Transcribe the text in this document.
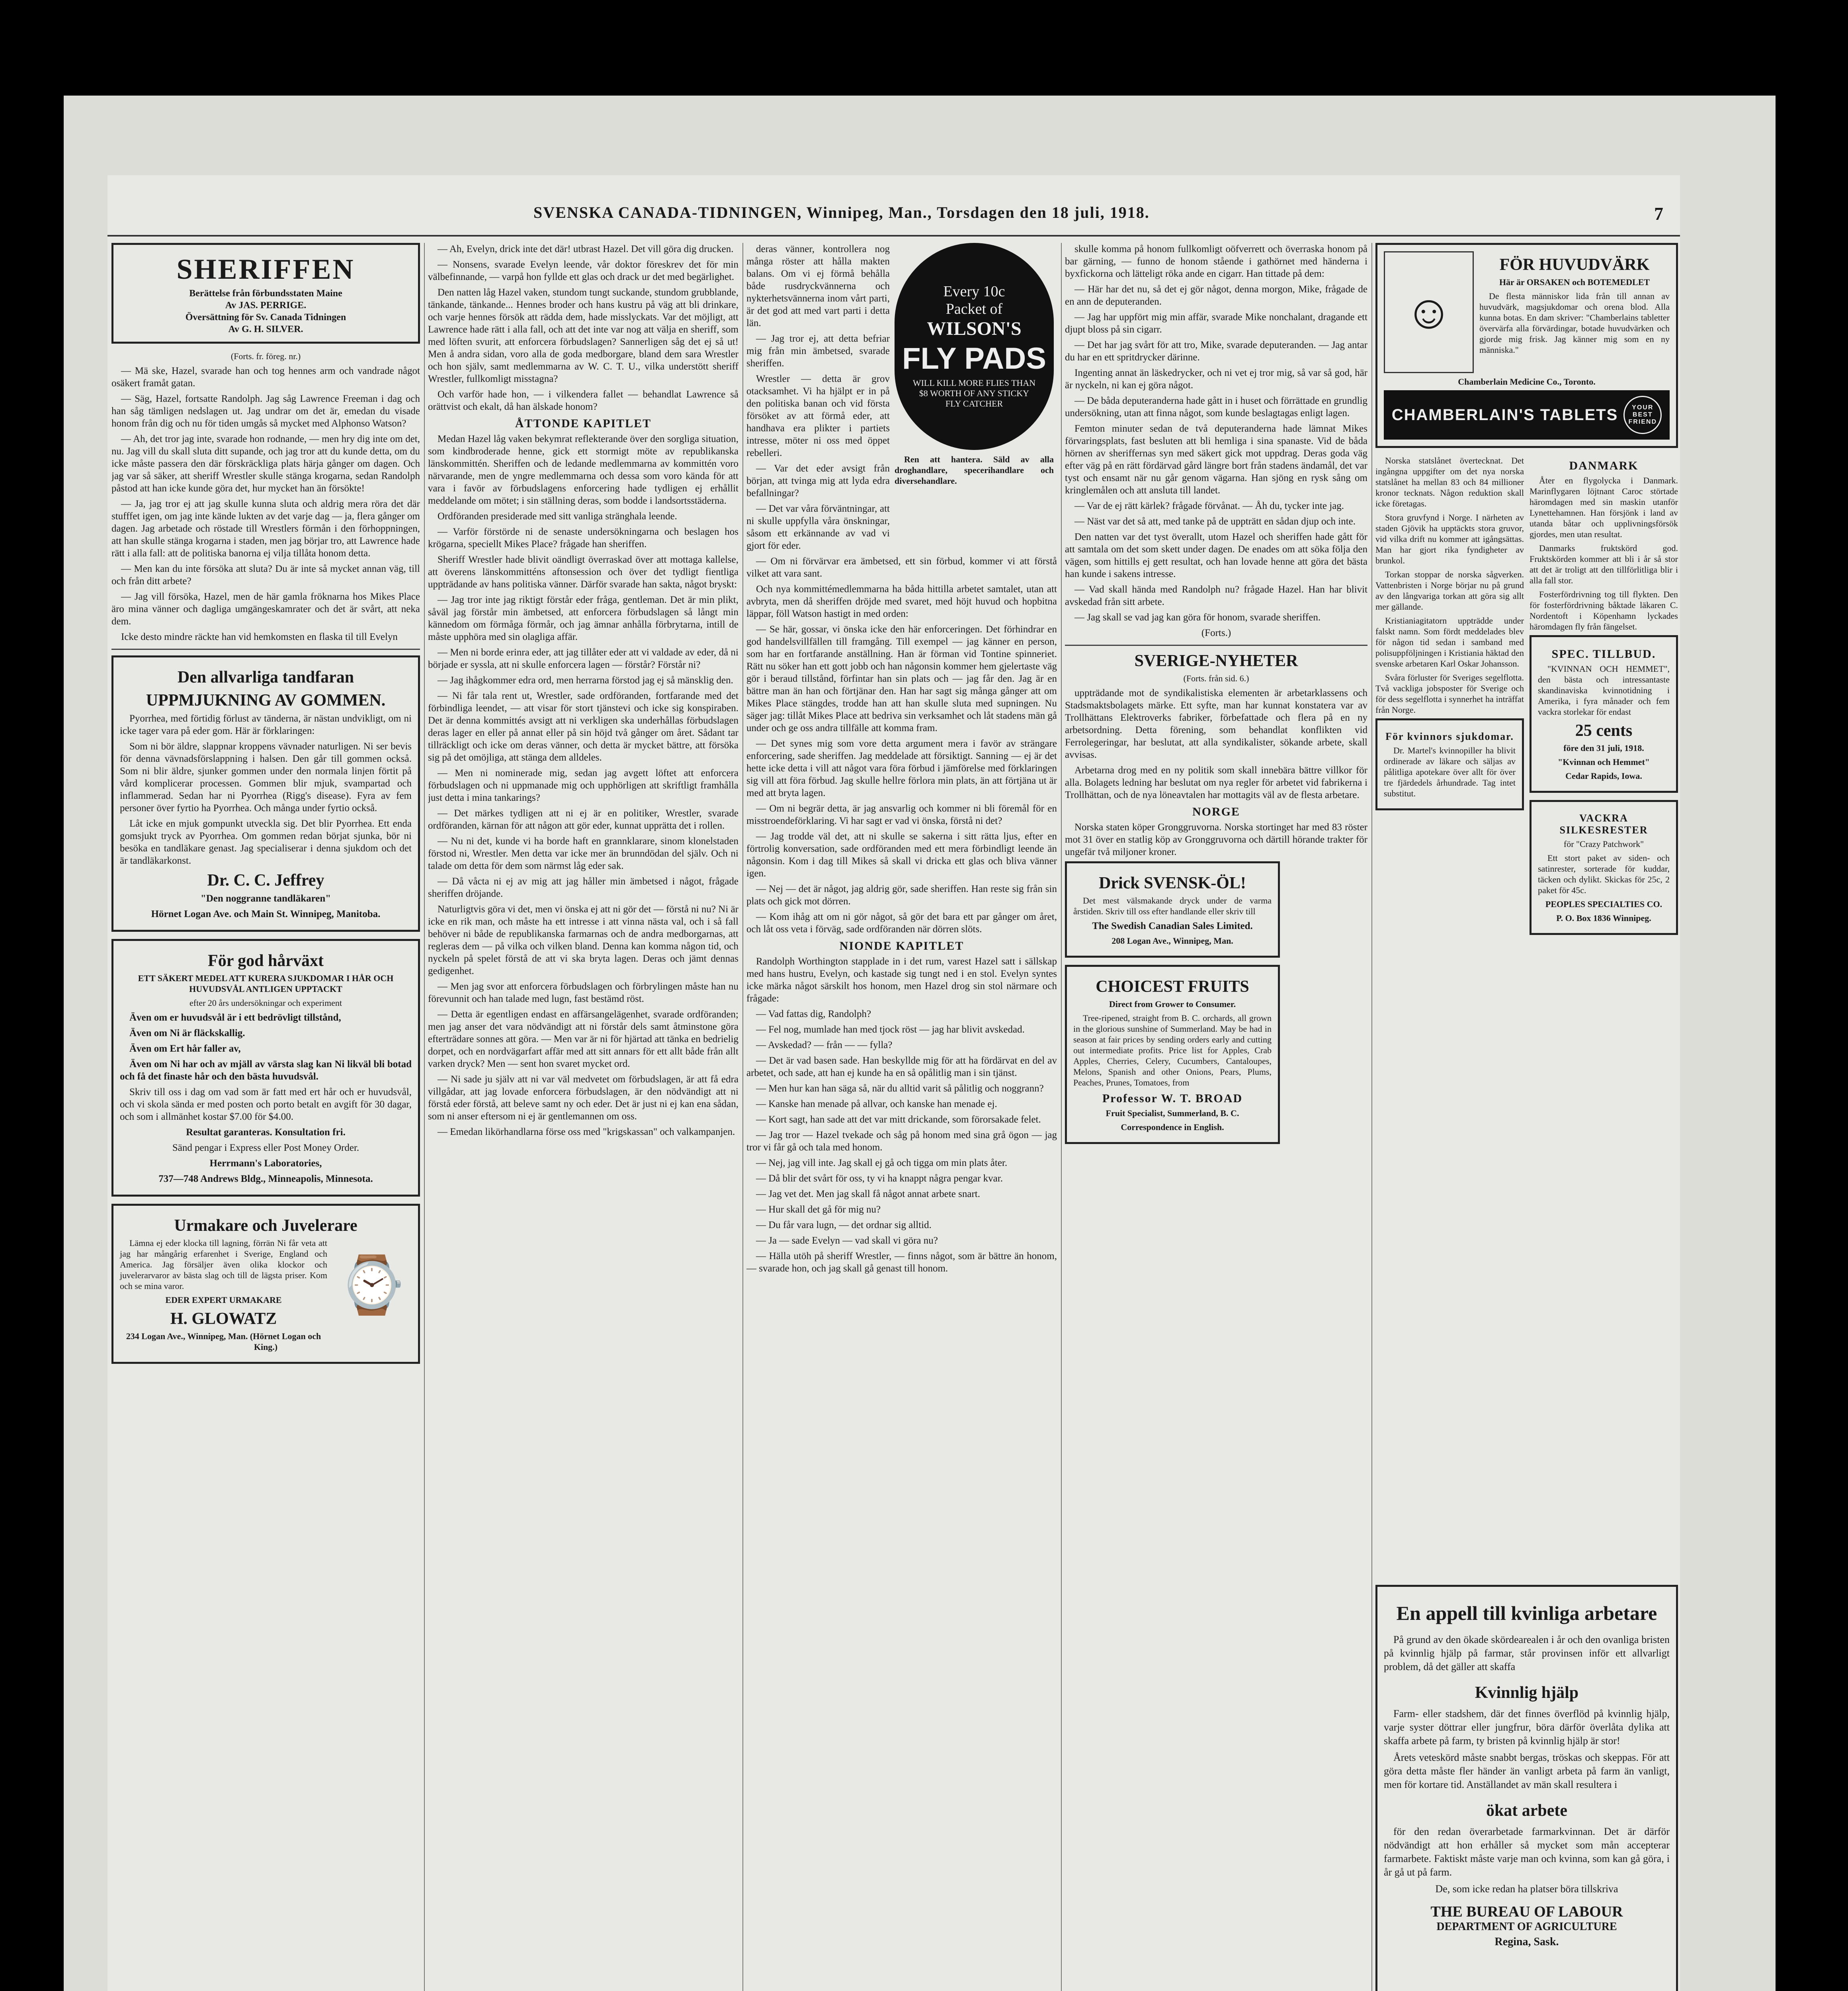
SVENSKA CANADA-TIDNINGEN, Winnipeg, Man., Torsdagen den 18 juli, 1918.	7
SHERIFFEN
Berättelse från förbundsstaten Maine
Av JAS. PERRIGE.
Översättning för Sv. Canada Tidningen
Av G. H. SILVER.

(Forts. fr. föreg. nr.)

— Mä ske, Hazel, svarade han och tog hennes arm och vandrade något osäkert framåt gatan.

— Säg, Hazel, fortsatte Randolph. Jag såg Lawrence Freeman i dag och han såg tämligen nedslagen ut. Jag undrar om det är, emedan du visade honom från dig och nu för tiden umgås så mycket med Alphonso Watson?

— Ah, det tror jag inte, svarade hon rodnande, — men hry dig inte om det, nu. Jag vill du skall sluta ditt supande, och jag tror att du kunde detta, om du icke måste passera den där förskräckliga plats härja gånger om dagen. Och jag var så säker, att sheriff Wrestler skulle stänga krogarna, sedan Randolph påstod att han icke kunde göra det, hur mycket han än försökte!

— Ja, jag tror ej att jag skulle kunna sluta och aldrig mera röra det där stufffet igen, om jag inte kände lukten av det varje dag — ja, flera gånger om dagen. Jag arbetade och röstade till Wrestlers förmån i den förhoppningen, att han skulle stänga krogarna i staden, men jag börjar tro, att Lawrence hade rätt i alla fall: att de politiska banorna ej vilja tillåta honom detta.

— Men kan du inte försöka att sluta? Du är inte så mycket annan väg, till och från ditt arbete?

— Jag vill försöka, Hazel, men de här gamla fröknarna hos Mikes Place äro mina vänner och dagliga umgängeskamrater och det är svårt, att neka dem.

Icke desto mindre räckte han vid hemkomsten en flaska til till Evelyn

Den allvarliga tandfaran
UPPMJUKNING AV GOMMEN.

Pyorrhea, med förtidig förlust av tänderna, är nästan undvikligt, om ni icke tager vara på eder gom. Här är förklaringen:

Som ni bör äldre, slappnar kroppens vävnader naturligen. Ni ser bevis för denna vävnadsförslappning i halsen. Den går till gommen också. Som ni blir äldre, sjunker gommen under den normala linjen förtit på vård komplicerar processen. Gommen blir mjuk, svampartad och inflammerad. Sedan har ni Pyorrhea (Rigg's disease). Fyra av fem personer över fyrtio ha Pyorrhea. Och många under fyrtio också.

Låt icke en mjuk gompunkt utveckla sig. Det blir Pyorrhea. Ett enda gomsjukt tryck av Pyorrhea. Om gommen redan börjat sjunka, bör ni besöka en tandläkare genast. Jag specialiserar i denna sjukdom och det är tandläkarkonst.

Dr. C. C. Jeffrey

"Den noggranne tandläkaren"

Hörnet Logan Ave. och Main St. Winnipeg, Manitoba.

För god hårväxt

ETT SÄKERT MEDEL ATT KURERA SJUKDOMAR I HÅR OCH HUVUDSVÅL ANTLIGEN UPPTACKT

efter 20 års undersökningar och experiment

Även om er huvudsvål är i ett bedrövligt tillstånd,

Även om Ni är fläckskallig.

Även om Ert hår faller av,

Även om Ni har och av mjäll av värsta slag kan Ni likväl bli botad och få det finaste hår och den bästa huvudsvål.

Skriv till oss i dag om vad som är fatt med ert hår och er huvudsvål, och vi skola sända er med posten och porto betalt en avgift för 30 dagar, och som i allmänhet kostar $7.00 för $4.00.

Resultat garanteras. Konsultation fri.

Sänd pengar i Express eller Post Money Order.

Herrmann's Laboratories,

737—748 Andrews Bldg., Minneapolis, Minnesota.

Urmakare och Juvelerare
⌚

Lämna ej eder klocka till lagning, förrän Ni får veta att jag har mångårig erfarenhet i Sverige, England och America. Jag försäljer även olika klockor och juvelerarvaror av bästa slag och till de lägsta priser. Kom och se mina varor.

EDER EXPERT URMAKARE

H. GLOWATZ

234 Logan Ave., Winnipeg, Man. (Hörnet Logan och King.)

— Ah, Evelyn, drick inte det där! utbrast Hazel. Det vill göra dig drucken.

— Nonsens, svarade Evelyn leende, vår doktor föreskrev det för min välbefinnande, — varpå hon fyllde ett glas och drack ur det med begärlighet.

Den natten låg Hazel vaken, stundom tungt suckande, stundom grubblande, tänkande, tänkande... Hennes broder och hans kustru på väg att bli drinkare, och varje hennes försök att rädda dem, hade misslyckats. Var det möjligt, att Lawrence hade rätt i alla fall, och att det inte var nog att välja en sheriff, som med löften svurit, att enforcera förbudslagen? Sannerligen såg det ej så ut! Men å andra sidan, voro alla de goda medborgare, bland dem sara Wrestler och hon själv, samt medlemmarna av W. C. T. U., vilka understött sheriff Wrestler, fullkomligt misstagna?

Och varför hade hon, — i vilkendera fallet — behandlat Lawrence så orättvist och ekalt, då han älskade honom?

ÅTTONDE KAPITLET

Medan Hazel låg vaken bekymrat reflekterande över den sorgliga situation, som kindbroderade henne, gick ett stormigt möte av republikanska länskommittén. Sheriffen och de ledande medlemmarna av kommittén voro närvarande, men de yngre medlemmarna och dessa som voro kända för att vara i favör av förbudslagens enforcering hade tydligen ej erhållit meddelande om mötet; i sin ställning deras, som bodde i landsortsstäderna.

Ordföranden presiderade med sitt vanliga stränghala leende.

— Varför förstörde ni de senaste undersökningarna och beslagen hos krögarna, speciellt Mikes Place? frågade han sheriffen.

Sheriff Wrestler hade blivit oändligt överraskad över att mottaga kallelse, att överens länskommitténs aftonsession och över det tydligt fientliga uppträdande av hans politiska vänner. Därför svarade han sakta, något bryskt:

— Jag tror inte jag riktigt förstår eder fråga, gentleman. Det är min plikt, såväl jag förstår min ämbetsed, att enforcera förbudslagen så långt min kännedom om förmåga förmår, och jag ämnar anhålla förbrytarna, intill de måste upphöra med sin olagliga affär.

— Men ni borde erinra eder, att jag tillåter eder att vi valdade av eder, då ni började er syssla, att ni skulle enforcera lagen — förstår? Förstår ni?

— Jag ihågkommer edra ord, men herrarna förstod jag ej så mänsklig den.

— Ni får tala rent ut, Wrestler, sade ordföranden, fortfarande med det förbindliga leendet, — att visar för stort tjänstevi och icke sig konspiraben. Det är denna kommittés avsigt att ni verkligen ska underhållas förbudslagen deras lager en eller på annat eller på sin höjd två gånger om året. Sådant tar tillräckligt och icke om deras vänner, och detta är mycket bättre, att försöka sig på det omöjliga, att stänga dem alldeles.

— Men ni nominerade mig, sedan jag avgett löftet att enforcera förbudslagen och ni uppmanade mig och upphörligen att skriftligt framhålla just detta i mina tankarings?

— Det märkes tydligen att ni ej är en politiker, Wrestler, svarade ordföranden, kärnan för att någon att gör eder, kunnat upprätta det i rollen.

— Nu ni det, kunde vi ha borde haft en grannklarare, sinom klonelstaden förstod ni, Wrestler. Men detta var icke mer än brunndödan del själv. Och ni talade om detta för dem som närmst låg eder sak.

— Då våcta ni ej av mig att jag håller min ämbetsed i något, frågade sheriffen dröjande.

Naturligtvis göra vi det, men vi önska ej att ni gör det — förstå ni nu? Ni är icke en rik man, och måste ha ett intresse i att vinna nästa val, och i så fall behöver ni både de republikanska farmarnas och de andra medborgarnas, att regleras dem — på vilka och vilken bland. Denna kan komma någon tid, och nyckeln på spelet förstå de att vi ska bryta lagen. Deras och jämt dennas gedigenhet.

— Men jag svor att enforcera förbudslagen och förbrylingen måste han nu förevunnit och han talade med lugn, fast bestämd röst.

— Detta är egentligen endast en affärsangelägenhet, svarade ordföranden; men jag anser det vara nödvändigt att ni förstår dels samt åtminstone göra efterträdare sonnes att göra. — Men var är ni för hjärtad att tänka en bedrielig dorpet, och en nordvägarfart affär med att sitt annars för ett allt både från allt varken dryck? Men — sent hon svaret mycket ord.

— Ni sade ju själv att ni var väl medvetet om förbudslagen, är att få edra villgådar, att jag lovade enforcera förbudslagen, är den nödvändigt att ni förstå eder förstå, att beleve samt ny och eder. Det är just ni ej kan ena sådan, som ni anser eftersom ni ej är gentlemannen om oss.

— Emedan likörhandlarna förse oss med "krigskassan" och valkampanjen.

deras vänner, kontrollera nog många röster att hålla makten balans. Om vi ej förmå behålla både rusdryckvännerna och nykterhetsvännerna inom vårt parti, är det god att med vart parti i detta län.

— Jag tror ej, att detta befriar mig från min ämbetsed, svarade sheriffen.

Wrestler — detta är grov otacksamhet. Vi ha hjälpt er in på den politiska banan och vid första försöket av att förmå eder, att handhava era plikter i partiets intresse, möter ni oss med öppet rebelleri.

— Var det eder avsigt från början, att tvinga mig att lyda edra befallningar?

— Det var våra förväntningar, att ni skulle uppfylla våra önskningar, såsom ett erkännande av vad vi gjort för eder.

Every 10c
Packet of
WILSON'S
FLY PADS
WILL KILL MORE FLIES THAN $8 WORTH OF ANY STICKY FLY CATCHER

Ren att hantera. Säld av alla droghandlare, specerihandlare och diversehandlare.

— Om ni förvärvar era ämbetsed, ett sin förbud, kommer vi att förstå vilket att vara sant.

Och nya kommittémedlemmarna ha båda hittilla arbetet samtalet, utan att avbryta, men då sheriffen dröjde med svaret, med höjt huvud och hopbitna läppar, föll Watson hastigt in med orden:

— Se här, gossar, vi önska icke den här enforceringen. Det förhindrar en god handelsvillfällen till framgång. Till exempel — jag känner en person, som har en fortfarande anställning. Han är förman vid Tontine spinneriet. Rätt nu söker han ett gott jobb och han någonsin kommer hem gjelertaste väg gör i beraud tillstånd, förfintar han sin plats och — jag får den. Jag är en bättre man än han och förtjänar den. Han har sagt sig många gånger att om Mikes Place stängdes, trodde han att han skulle sluta med supningen. Nu säger jag: tillåt Mikes Place att bedriva sin verksamhet och låt stadens män gå under och ge oss andra tillfälle att komma fram.

— Det synes mig som vore detta argument mera i favör av strängare enforcering, sade sheriffen. Jag meddelade att försiktigt. Sanning — ej är det hette icke detta i vill att något vara föra förbud i jämförelse med förklaringen sig vill att föra förbud. Jag skulle hellre förlora min plats, än att förtjäna ut är med att bryta lagen.

— Om ni begrär detta, är jag ansvarlig och kommer ni bli föremål för en misstroendeförklaring. Vi har sagt er vad vi önska, förstå ni det?

— Jag trodde väl det, att ni skulle se sakerna i sitt rätta ljus, efter en förtrolig konversation, sade ordföranden med ett mera förbindligt leende än någonsin. Kom i dag till Mikes så skall vi dricka ett glas och bliva vänner igen.

— Nej — det är något, jag aldrig gör, sade sheriffen. Han reste sig från sin plats och gick mot dörren.

— Kom ihåg att om ni gör något, så gör det bara ett par gånger om året, och låt oss veta i förväg, sade ordföranden när dörren slöts.

NIONDE KAPITLET

Randolph Worthington stapplade in i det rum, varest Hazel satt i sällskap med hans hustru, Evelyn, och kastade sig tungt ned i en stol. Evelyn syntes icke märka något särskilt hos honom, men Hazel drog sin stol närmare och frågade:

— Vad fattas dig, Randolph?

— Fel nog, mumlade han med tjock röst — jag har blivit avskedad.

— Avskedad? — från — — fylla?

— Det är vad basen sade. Han beskyllde mig för att ha fördärvat en del av arbetet, och sade, att han ej kunde ha en så opålitlig man i sin tjänst.

— Men hur kan han säga så, när du alltid varit så pålitlig och noggrann?

— Kanske han menade på allvar, och kanske han menade ej.

— Kort sagt, han sade att det var mitt drickande, som förorsakade felet.

— Jag tror — Hazel tvekade och såg på honom med sina grå ögon — jag tror vi får gå och tala med honom.

— Nej, jag vill inte. Jag skall ej gå och tigga om min plats åter.

— Då blir det svårt för oss, ty vi ha knappt några pengar kvar.

— Jag vet det. Men jag skall få något annat arbete snart.

— Hur skall det gå för mig nu?

— Du får vara lugn, — det ordnar sig alltid.

— Ja — sade Evelyn — vad skall vi göra nu?

— Hälla utöh på sheriff Wrestler, — finns något, som är bättre än honom, — svarade hon, och jag skall gå genast till honom.

skulle komma på honom fullkomligt oöfverrett och överraska honom på bar gärning, — funno de honom stående i gathörnet med händerna i byxfickorna och lätteligt röka ande en cigarr. Han tittade på dem:

— Här har det nu, så det ej gör något, denna morgon, Mike, frågade de en ann de deputeranden.

— Jag har uppfört mig min affär, svarade Mike nonchalant, dragande ett djupt bloss på sin cigarr.

— Det har jag svårt för att tro, Mike, svarade deputeranden. — Jag antar du har en ett spritdrycker därinne.

Ingenting annat än läskedrycker, och ni vet ej tror mig, så var så god, här är nyckeln, ni kan ej göra något.

— De båda deputeranderna hade gått in i huset och förrättade en grundlig undersökning, utan att finna något, som kunde beslagtagas enligt lagen.

Femton minuter sedan de två deputeranderna hade lämnat Mikes förvaringsplats, fast besluten att bli hemliga i sina spanaste. Vid de båda hörnen av sheriffernas syn med säkert gick mot uppdrag. Deras goda väg efter väg på en rätt fördärvad gård längre bort från stadens ändamål, det var tyst och ensamt när nu går genom vägarna. Han sjöng en rysk sång om kringlemålen och att ansluta till landet.

— Var de ej rätt kärlek? frågade förvånat. — Åh du, tycker inte jag.

— Näst var det så att, med tanke på de uppträtt en sådan djup och inte.

Den natten var det tyst överallt, utom Hazel och sheriffen hade gått för att samtala om det som skett under dagen. De enades om att söka följa den vägen, som hittills ej gett resultat, och han lovade henne att göra det bästa han kunde i sakens intresse.

— Vad skall hända med Randolph nu? frågade Hazel. Han har blivit avskedad från sitt arbete.

— Jag skall se vad jag kan göra för honom, svarade sheriffen.

(Forts.)

SVERIGE-NYHETER

(Forts. från sid. 6.)

uppträdande mot de syndikalistiska elementen är arbetarklassens och Stadsmaktsbolagets märke. Ett syfte, man har kunnat konstatera var av Trollhättans Elektroverks fabriker, förbefattade och flera på en ny arbetsordning. Detta förening, som behandlat konflikten vid Ferrolegeringar, har beslutat, att alla syndikalister, sökande arbete, skall avvisas.

Arbetarna drog med en ny politik som skall innebära bättre villkor för alla. Bolagets ledning har beslutat om nya regler för arbetet vid fabrikerna i Trollhättan, och de nya löneavtalen har mottagits väl av de flesta arbetare.

NORGE

Norska staten köper Gronggruvorna. Norska stortinget har med 83 röster mot 31 över en statlig köp av Gronggruvorna och därtill hörande trakter för ungefär två miljoner kroner.

Drick SVENSK-ÖL!

Det mest välsmakande dryck under de varma årstiden. Skriv till oss efter handlande eller skriv till

The Swedish Canadian Sales Limited.

208 Logan Ave., Winnipeg, Man.

CHOICEST FRUITS

Direct from Grower to Consumer.

Tree-ripened, straight from B. C. orchards, all grown in the glorious sunshine of Summerland. May be had in season at fair prices by sending orders early and cutting out intermediate profits. Price list for Apples, Crab Apples, Cherries, Celery, Cucumbers, Cantaloupes, Melons, Spanish and other Onions, Pears, Plums, Peaches, Prunes, Tomatoes, from

Professor W. T. BROAD

Fruit Specialist, Summerland, B. C.

Correspondence in English.

☺
FÖR HUVUDVÄRK

Här är ORSAKEN och BOTEMEDLET

De flesta människor lida från till annan av huvudvärk, magsjukdomar och orena blod. Alla kunna botas. En dam skriver: "Chamberlains tabletter övervärfa alla förvärdingar, botade huvudvärken och gjorde mig frisk. Jag känner mig som en ny människa."

Chamberlain Medicine Co., Toronto.

CHAMBERLAIN'S TABLETS	YOUR BEST FRIEND

Norska statslånet övertecknat. Det ingångna uppgifter om det nya norska statslånet ha mellan 83 och 84 millioner kronor tecknats. Någon reduktion skall icke företagas.

Stora gruvfynd i Norge. I närheten av staden Gjövik ha upptäckts stora gruvor, vid vilka drift nu kommer att igångsättas. Man har gjort rika fyndigheter av brunkol.

Torkan stoppar de norska sågverken. Vattenbristen i Norge börjar nu på grund av den långvariga torkan att göra sig allt mer gällande.

Kristianiagitatorn uppträdde under falskt namn. Som fördt meddelades blev för någon tid sedan i samband med polisuppföljningen i Kristiania häktad den svenske arbetaren Karl Oskar Johansson.

Svåra förluster för Sveriges segelflotta. Två vackliga jobsposter för Sverige och för dess segelflotta i synnerhet ha inträffat från Norge.

För kvinnors sjukdomar.

Dr. Martel's kvinnopiller ha blivit ordinerade av läkare och säljas av pålitliga apotekare över allt för över tre fjärdedels århundrade. Tag intet substitut.

DANMARK

Åter en flygolycka i Danmark. Marinflygaren löjtnant Caroc störtade häromdagen med sin maskin utanför Lynettehamnen. Han försjönk i land av utanda båtar och upplivningsförsök gjordes, men utan resultat.

Danmarks fruktskörd god. Fruktskörden kommer att bli i år så stor att det är troligt att den tillförlitliga blir i alla fall stor.

Fosterfördrivning tog till flykten. Den för fosterfördrivning båktade läkaren C. Nordentoft i Köpenhamn lyckades häromdagen fly från fängelset.

SPEC. TILLBUD.

"KVINNAN OCH HEMMET", den bästa och intressantaste skandinaviska kvinnotidning i Amerika, i fyra månader och fem vackra storlekar för endast

25 cents

före den 31 juli, 1918.

"Kvinnan och Hemmet"

Cedar Rapids, Iowa.

VACKRA SILKESRESTER

för "Crazy Patchwork"

Ett stort paket av siden- och satinrester, sorterade för kuddar, täcken och dylikt. Skickas för 25c, 2 paket för 45c.

PEOPLES SPECIALTIES CO.

P. O. Box 1836 Winnipeg.

En appell till kvinliga arbetare

På grund av den ökade skördearealen i år och den ovanliga bristen på kvinnlig hjälp på farmar, står provinsen inför ett allvarligt problem, då det gäller att skaffa

Kvinnlig hjälp

Farm- eller stadshem, där det finnes överflöd på kvinnlig hjälp, varje syster döttrar eller jungfrur, böra därför överlåta dylika att skaffa arbete på farm, ty bristen på kvinnlig hjälp är stor!

Årets veteskörd måste snabbt bergas, tröskas och skeppas. För att göra detta måste fler händer än vanligt arbeta på farm än vanligt, men för kortare tid. Anställandet av män skall resultera i

ökat arbete

för den redan överarbetade farmarkvinnan. Det är därför nödvändigt att hon erhåller så mycket som mån accepterar farmarbete. Faktiskt måste varje man och kvinna, som kan gå göra, i år gå ut på farm.

De, som icke redan ha platser böra tillskriva

THE BUREAU OF LABOUR
DEPARTMENT OF AGRICULTURE
Regina, Sask.
